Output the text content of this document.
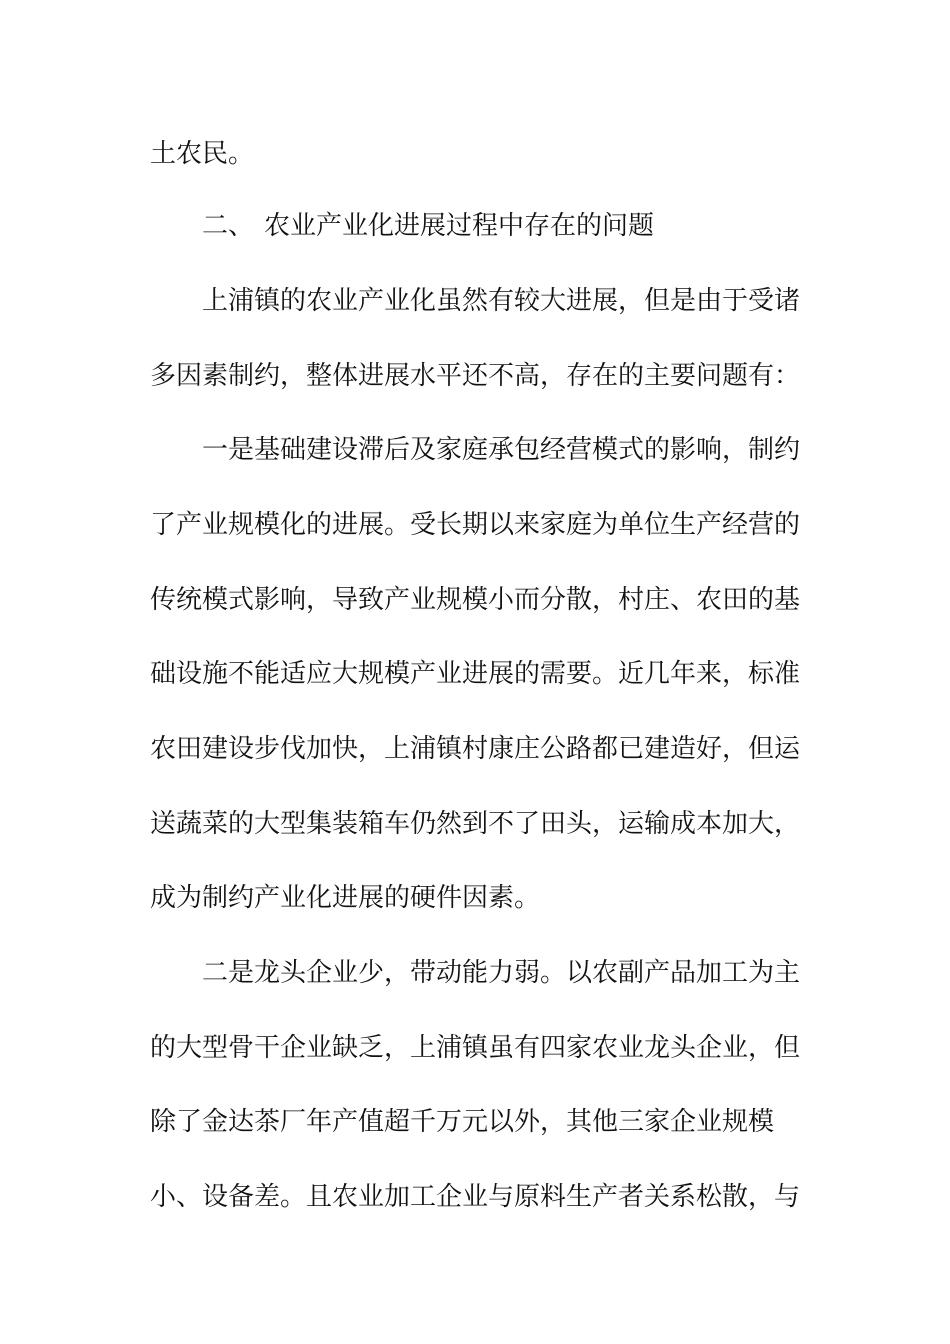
土农民。
二、 农业产业化进展过程中存在的问题
上浦镇的农业产业化虽然有较大进展，但是由于受诸
多因素制约，整体进展水平还不高，存在的主要问题有：
一是基础建设滞后及家庭承包经营模式的影响，制约
了产业规模化的进展。受长期以来家庭为单位生产经营的
传统模式影响，导致产业规模小而分散，村庄、农田的基
础设施不能适应大规模产业进展的需要。近几年来，标准
农田建设步伐加快，上浦镇村康庄公路都已建造好，但运
送蔬菜的大型集装箱车仍然到不了田头，运输成本加大，
成为制约产业化进展的硬件因素。
二是龙头企业少，带动能力弱。以农副产品加工为主
的大型骨干企业缺乏，上浦镇虽有四家农业龙头企业，但
除了金达茶厂年产值超千万元以外，其他三家企业规模
小、设备差。且农业加工企业与原料生产者关系松散，与
